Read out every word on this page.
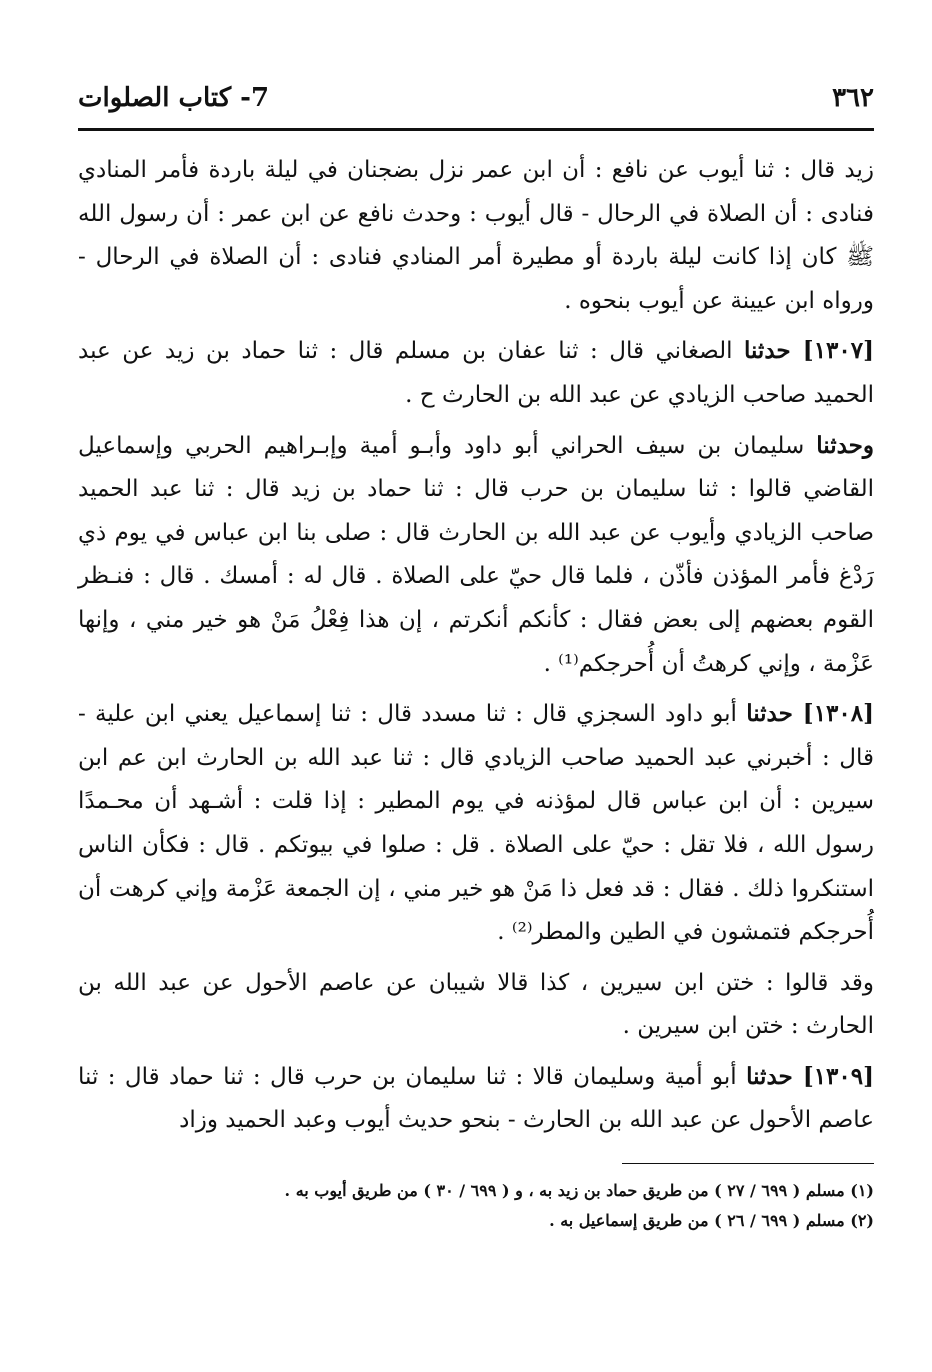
٣٦٢
7- كتاب الصلوات

زيد قال : ثنا أيوب عن نافع : أن ابن عمر نزل بضجنان في ليلة باردة فأمر المنادي فنادى : أن الصلاة في الرحال - قال أيوب : وحدث نافع عن ابن عمر : أن رسول الله ﷺ كان إذا كانت ليلة باردة أو مطيرة أمر المنادي فنادى : أن الصلاة في الرحال - ورواه ابن عيينة عن أيوب بنحوه .

[١٣٠٧] حدثنا الصغاني قال : ثنا عفان بن مسلم قال : ثنا حماد بن زيد عن عبد الحميد صاحب الزيادي عن عبد الله بن الحارث ح .

وحدثنا سليمان بن سيف الحراني أبو داود وأبـو أمية وإبـراهيم الحربي وإسماعيل القاضي قالوا : ثنا سليمان بن حرب قال : ثنا حماد بن زيد قال : ثنا عبد الحميد صاحب الزيادي وأيوب عن عبد الله بن الحارث قال : صلى بنا ابن عباس في يوم ذي رَدْغ فأمر المؤذن فأذّن ، فلما قال حيّ على الصلاة . قال له : أمسك . قال : فنـظر القوم بعضهم إلى بعض فقال : كأنكم أنكرتم ، إن هذا فِعْلُ مَنْ هو خير مني ، وإنها عَزْمة ، وإني كرهتُ أن أُحرجكم⁽¹⁾ .

[١٣٠٨] حدثنا أبو داود السجزي قال : ثنا مسدد قال : ثنا إسماعيل يعني ابن علية - قال : أخبرني عبد الحميد صاحب الزيادي قال : ثنا عبد الله بن الحارث ابن عم ابن سيرين : أن ابن عباس قال لمؤذنه في يوم المطير : إذا قلت : أشـهد أن محـمدًا رسول الله ، فلا تقل : حيّ على الصلاة . قل : صلوا في بيوتكم . قال : فكأن الناس استنكروا ذلك . فقال : قد فعل ذا مَنْ هو خير مني ، إن الجمعة عَزْمة وإني كرهت أن أُحرجكم فتمشون في الطين والمطر⁽²⁾ .

وقد قالوا : ختن ابن سيرين ، كذا قالا شيبان عن عاصم الأحول عن عبد الله بن الحارث : ختن ابن سيرين .

[١٣٠٩] حدثنا أبو أمية وسليمان قالا : ثنا سليمان بن حرب قال : ثنا حماد قال : ثنا عاصم الأحول عن عبد الله بن الحارث - بنحو حديث أيوب وعبد الحميد وزاد

(١) مسلم ( ٦٩٩ / ٢٧ ) من طريق حماد بن زيد به ، و ( ٦٩٩ / ٣٠ ) من طريق أيوب به .

(٢) مسلم ( ٦٩٩ / ٢٦ ) من طريق إسماعيل به .
